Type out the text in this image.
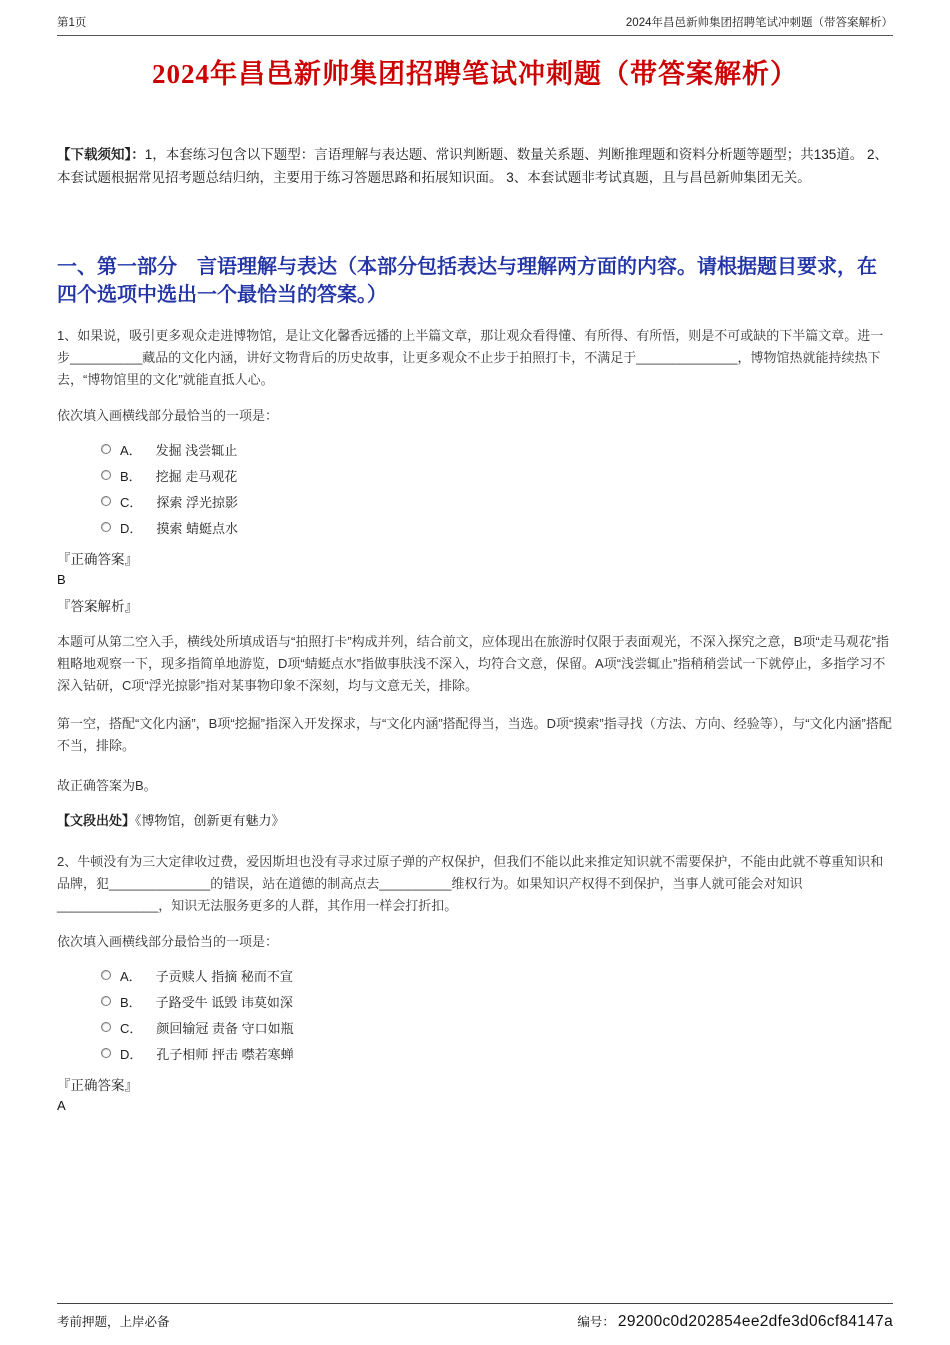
第1页	2024年昌邑新帅集团招聘笔试冲刺题（带答案解析）
2024年昌邑新帅集团招聘笔试冲刺题（带答案解析）

【下载须知】：1，本套练习包含以下题型：言语理解与表达题、常识判断题、数量关系题、判断推理题和资料分析题等题型；共135道。 2、本套试题根据常见招考题总结归纳，主要用于练习答题思路和拓展知识面。 3、本套试题非考试真题，且与昌邑新帅集团无关。

一、第一部分　言语理解与表达（本部分包括表达与理解两方面的内容。请根据题目要求，在四个选项中选出一个最恰当的答案。）

1、如果说，吸引更多观众走进博物馆，是让文化馨香远播的上半篇文章，那让观众看得懂、有所得、有所悟，则是不可或缺的下半篇文章。进一步__________藏品的文化内涵，讲好文物背后的历史故事，让更多观众不止步于拍照打卡，不满足于______________，博物馆热就能持续热下去，“博物馆里的文化”就能直抵人心。

依次填入画横线部分最恰当的一项是：

A． 发掘 浅尝辄止
B． 挖掘 走马观花
C． 探索 浮光掠影
D． 摸索 蜻蜓点水

『正确答案』

B

『答案解析』

本题可从第二空入手，横线处所填成语与“拍照打卡”构成并列，结合前文，应体现出在旅游时仅限于表面观光，不深入探究之意，B项“走马观花”指粗略地观察一下，现多指简单地游览，D项“蜻蜓点水”指做事肤浅不深入，均符合文意，保留。A项“浅尝辄止”指稍稍尝试一下就停止，多指学习不深入钻研，C项“浮光掠影”指对某事物印象不深刻，均与文意无关，排除。

第一空，搭配“文化内涵”，B项“挖掘”指深入开发探求，与“文化内涵”搭配得当，当选。D项“摸索”指寻找（方法、方向、经验等），与“文化内涵”搭配不当，排除。

故正确答案为B。

【文段出处】《博物馆，创新更有魅力》

2、牛顿没有为三大定律收过费，爱因斯坦也没有寻求过原子弹的产权保护，但我们不能以此来推定知识就不需要保护，不能由此就不尊重知识和品牌，犯______________的错误，站在道德的制高点去__________维权行为。如果知识产权得不到保护，当事人就可能会对知识______________，知识无法服务更多的人群，其作用一样会打折扣。

依次填入画横线部分最恰当的一项是：

A． 子贡赎人 指摘 秘而不宣
B． 子路受牛 诋毁 讳莫如深
C． 颜回输冠 责备 守口如瓶
D． 孔子相师 抨击 噤若寒蝉

『正确答案』

A

考前押题，上岸必备	编号： 29200c0d202854ee2dfe3d06cf84147a
